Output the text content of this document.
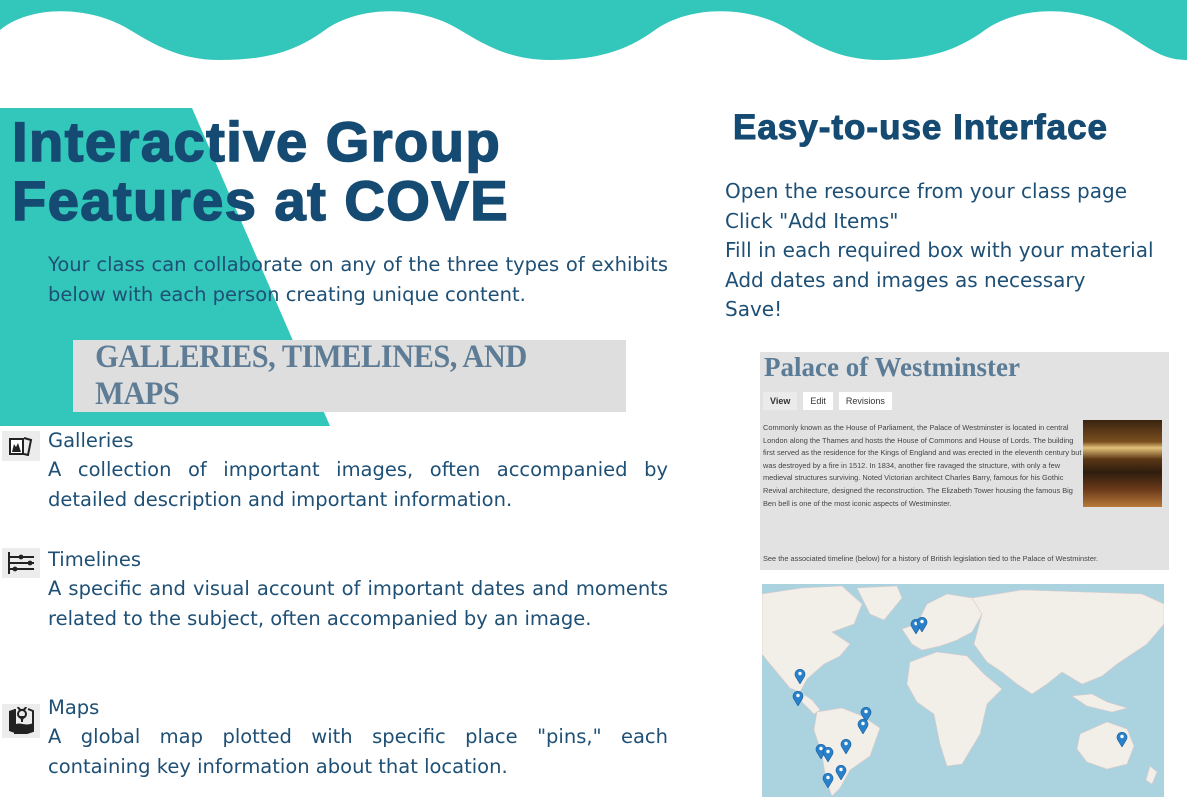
Interactive Group
Features at COVE
Your class can collaborate on any of the three types of exhibits below with each person creating unique content.
GALLERIES, TIMELINES, AND MAPS
Galleries
A collection of important images, often accompanied by detailed description and important information.
Timelines
A specific and visual account of important dates and moments related to the subject, often accompanied by an image.
Maps
A global map plotted with specific place "pins," each containing key information about that location.
Easy-to-use Interface
Open the resource from your class page
Click "Add Items"
Fill in each required box with your material
Add dates and images as necessary
Save!
Palace of Westminster
View	Edit	Revisions
Commonly known as the House of Parliament, the Palace of Westminster is located in central London along the Thames and hosts the House of Commons and House of Lords. The building first served as the residence for the Kings of England and was erected in the eleventh century but was destroyed by a fire in 1512. In 1834, another fire ravaged the structure, with only a few medieval structures surviving. Noted Victorian architect Charles Barry, famous for his Gothic Revival architecture, designed the reconstruction. The Elizabeth Tower housing the famous Big Ben bell is one of the most iconic aspects of Westminster.
See the associated timeline (below) for a history of British legislation tied to the Palace of Westminster.
